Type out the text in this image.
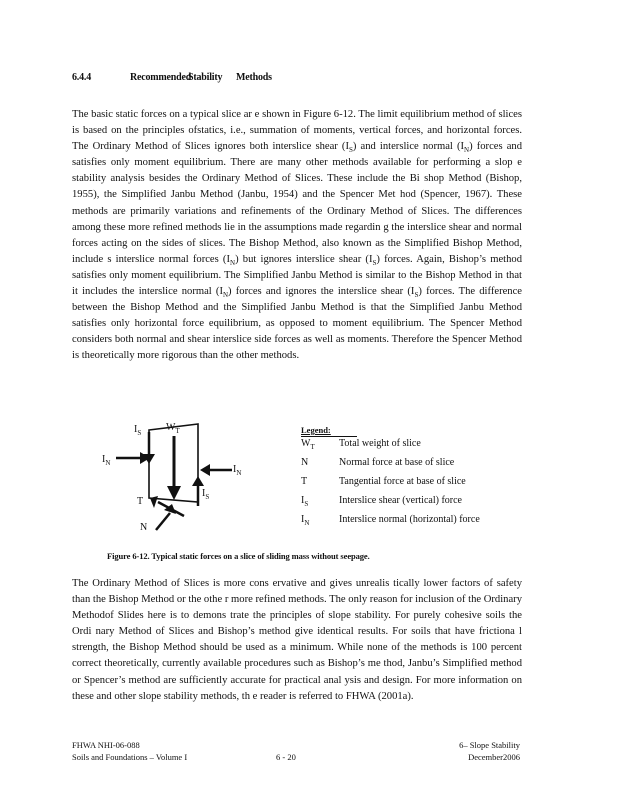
6.4.4	RecommendedStability Methods

The basic static forces on a typical slice ar e shown in Figure 6-12. The limit equilibrium method of slices is based on the principles ofstatics, i.e., summation of moments, vertical forces, and horizontal forces. The Ordinary Method of Slices ignores both interslice shear $(I_S)$ and interslice normal $(I_N)$ forces and satisfies only moment equilibrium. There are many other methods available for performing a slop e stability analysis besides the Ordinary Method of Slices. These include the Bi shop Method (Bishop, 1955), the Simplified Janbu Method (Janbu, 1954) and the Spencer Met hod (Spencer, 1967). These methods are primarily variations and refinements of the Ordinary Method of Slices. The differences among these more refined methods lie in the assumptions made regardin g the interslice shear and normal forces acting on the sides of slices. The Bishop Method, also known as the Simplified Bishop Method, include s interslice normal forces $(I_N)$ but ignores interslice shear $(I_S)$ forces. Again, Bishop’s method satisfies only moment equilibrium. The Simplified Janbu Method is similar to the Bishop Method in that it includes the interslice normal $(I_N)$ forces and ignores the interslice shear $(I_S)$ forces. The difference between the Bishop Method and the Simplified Janbu Method is that the Simplified Janbu Method satisfies only horizontal force equilibrium, as opposed to moment equilibrium. The Spencer Method considers both normal and shear interslice side forces as well as moments. Therefore the Spencer Method is theoretically more rigorous than the other methods.

$I_S$ $W_T$
$I_N$
$I_N$
$I_S$
T
N
Legend:
$W_T$	Total weight of slice
N	Normal force at base of slice
T	Tangential force at base of slice
$I_S$	Interslice shear (vertical) force
$I_N$	Interslice normal (horizontal) force
Figure 6-12. Typical static forces on a slice of sliding mass without seepage.

The Ordinary Method of Slices is more cons ervative and gives unrealis tically lower factors of safety than the Bishop Method or the othe r more refined methods. The only reason for inclusion of the Ordinary Methodof Slides here is to demons trate the principles of slope stability. For purely cohesive soils the Ordi nary Method of Slices and Bishop’s method give identical results. For soils that have frictiona l strength, the Bishop Method should be used as a minimum. While none of the methods is 100 percent correct theoretically, currently available procedures such as Bishop’s me thod, Janbu’s Simplified method or Spencer’s method are sufficiently accurate for practical anal ysis and design. For more information on these and other slope stability methods, th e reader is referred to FHWA (2001a).

FHWA NHI-06-088
Soils and Foundations – Volume I	6 - 20
6– Slope Stability
December2006
